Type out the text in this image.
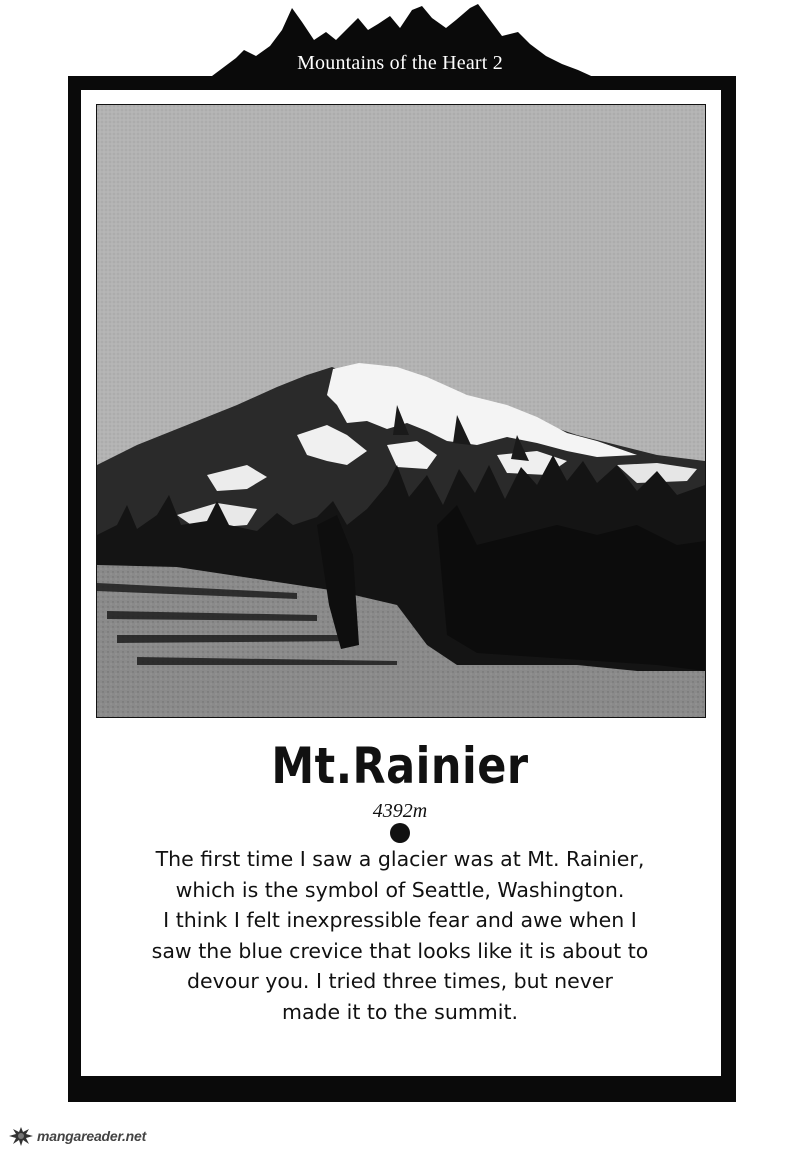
Mountains of the Heart 2
Mt.Rainier
4392m
The first time I saw a glacier was at Mt. Rainier,
which is the symbol of Seattle, Washington.
I think I felt inexpressible fear and awe when I
saw the blue crevice that looks like it is about to
devour you. I tried three times, but never
made it to the summit.
mangareader.net
